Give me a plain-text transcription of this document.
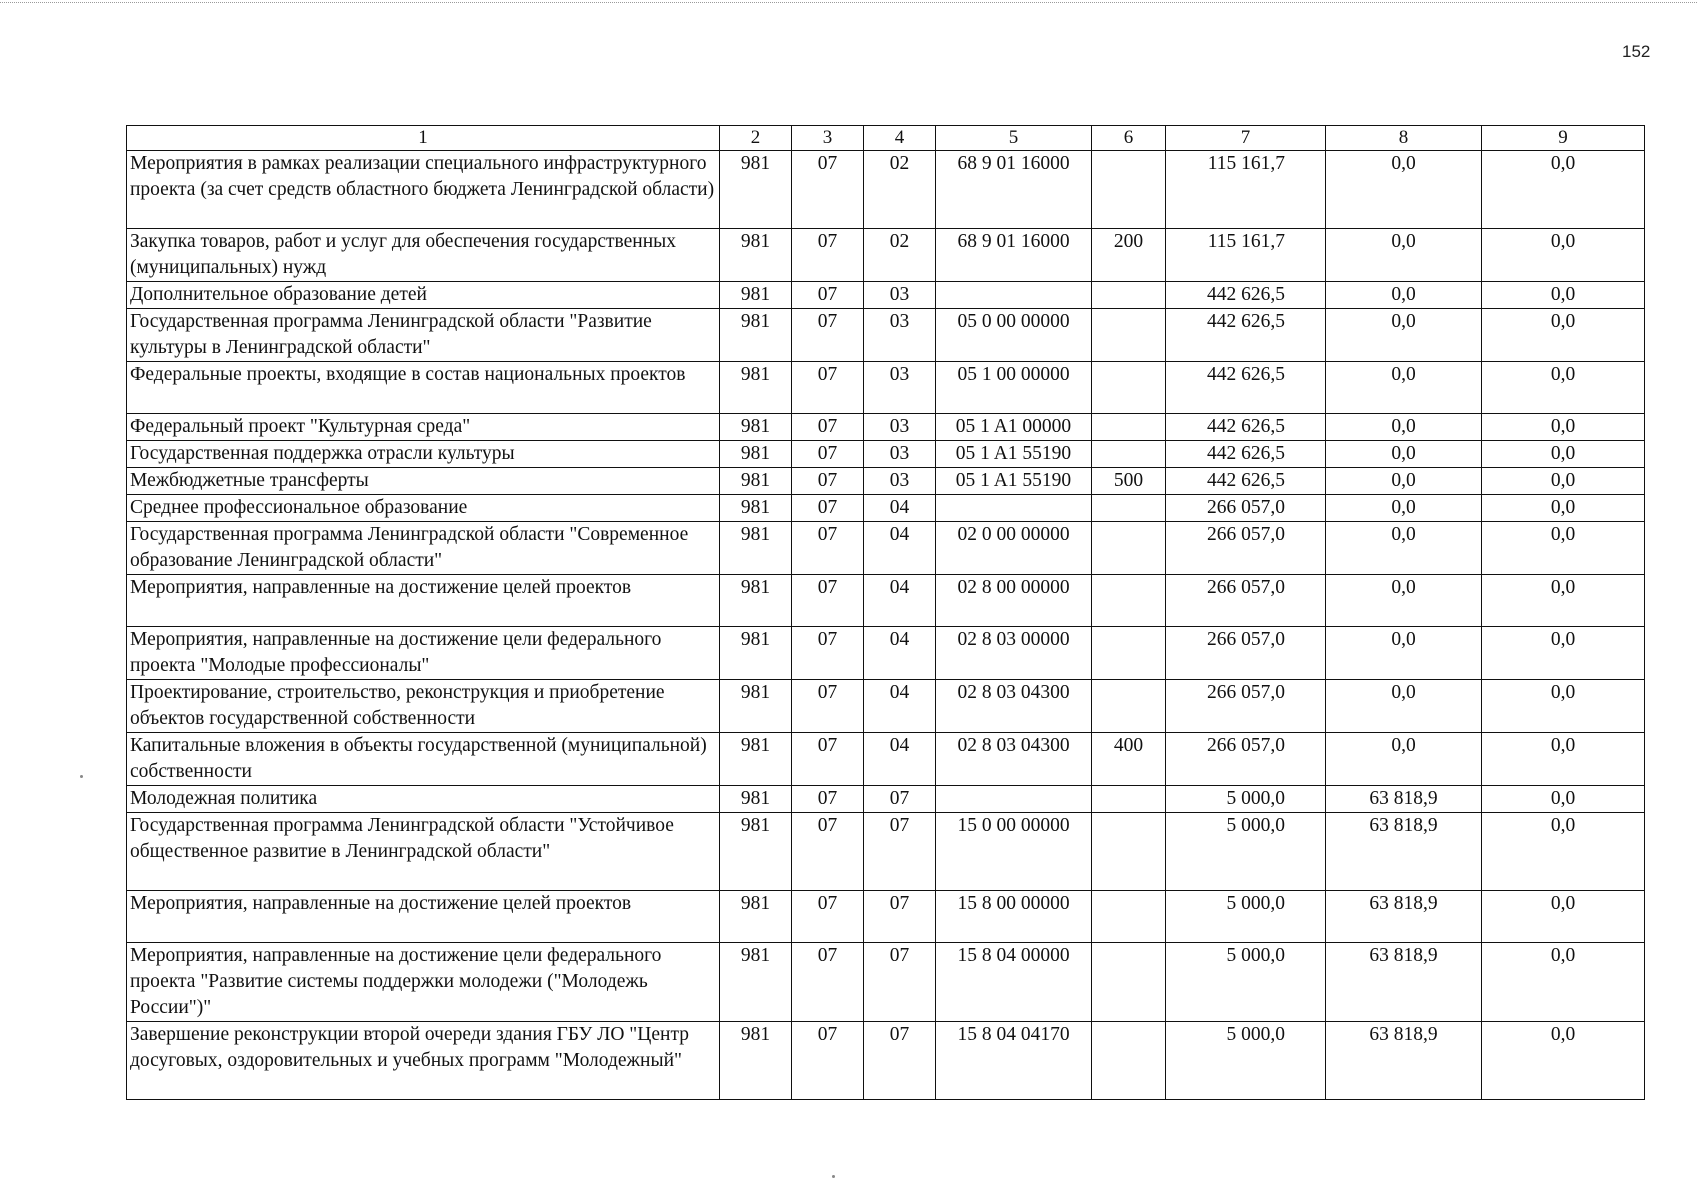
152
1	2	3	4	5	6	7	8	9
Мероприятия в рамках реализации специального инфраструктурного проекта (за счет средств областного бюджета Ленинградской области)	981	07	02	68 9 01 16000		115 161,7	0,0	0,0
Закупка товаров, работ и услуг для обеспечения государственных (муниципальных) нужд	981	07	02	68 9 01 16000	200	115 161,7	0,0	0,0
Дополнительное образование детей	981	07	03			442 626,5	0,0	0,0
Государственная программа Ленинградской области "Развитие культуры в Ленинградской области"	981	07	03	05 0 00 00000		442 626,5	0,0	0,0
Федеральные проекты, входящие в состав национальных проектов	981	07	03	05 1 00 00000		442 626,5	0,0	0,0
Федеральный проект "Культурная среда"	981	07	03	05 1 A1 00000		442 626,5	0,0	0,0
Государственная поддержка отрасли культуры	981	07	03	05 1 A1 55190		442 626,5	0,0	0,0
Межбюджетные трансферты	981	07	03	05 1 A1 55190	500	442 626,5	0,0	0,0
Среднее профессиональное образование	981	07	04			266 057,0	0,0	0,0
Государственная программа Ленинградской области "Современное образование Ленинградской области"	981	07	04	02 0 00 00000		266 057,0	0,0	0,0
Мероприятия, направленные на достижение целей проектов	981	07	04	02 8 00 00000		266 057,0	0,0	0,0
Мероприятия, направленные на достижение цели федерального проекта "Молодые профессионалы"	981	07	04	02 8 03 00000		266 057,0	0,0	0,0
Проектирование, строительство, реконструкция и приобретение объектов государственной собственности	981	07	04	02 8 03 04300		266 057,0	0,0	0,0
Капитальные вложения в объекты государственной (муниципальной) собственности	981	07	04	02 8 03 04300	400	266 057,0	0,0	0,0
Молодежная политика	981	07	07			5 000,0	63 818,9	0,0
Государственная программа Ленинградской области "Устойчивое общественное развитие в Ленинградской области"	981	07	07	15 0 00 00000		5 000,0	63 818,9	0,0
Мероприятия, направленные на достижение целей проектов	981	07	07	15 8 00 00000		5 000,0	63 818,9	0,0
Мероприятия, направленные на достижение цели федерального проекта "Развитие системы поддержки молодежи ("Молодежь России")"	981	07	07	15 8 04 00000		5 000,0	63 818,9	0,0
Завершение реконструкции второй очереди здания ГБУ ЛО "Центр досуговых, оздоровительных и учебных программ "Молодежный"	981	07	07	15 8 04 04170		5 000,0	63 818,9	0,0
